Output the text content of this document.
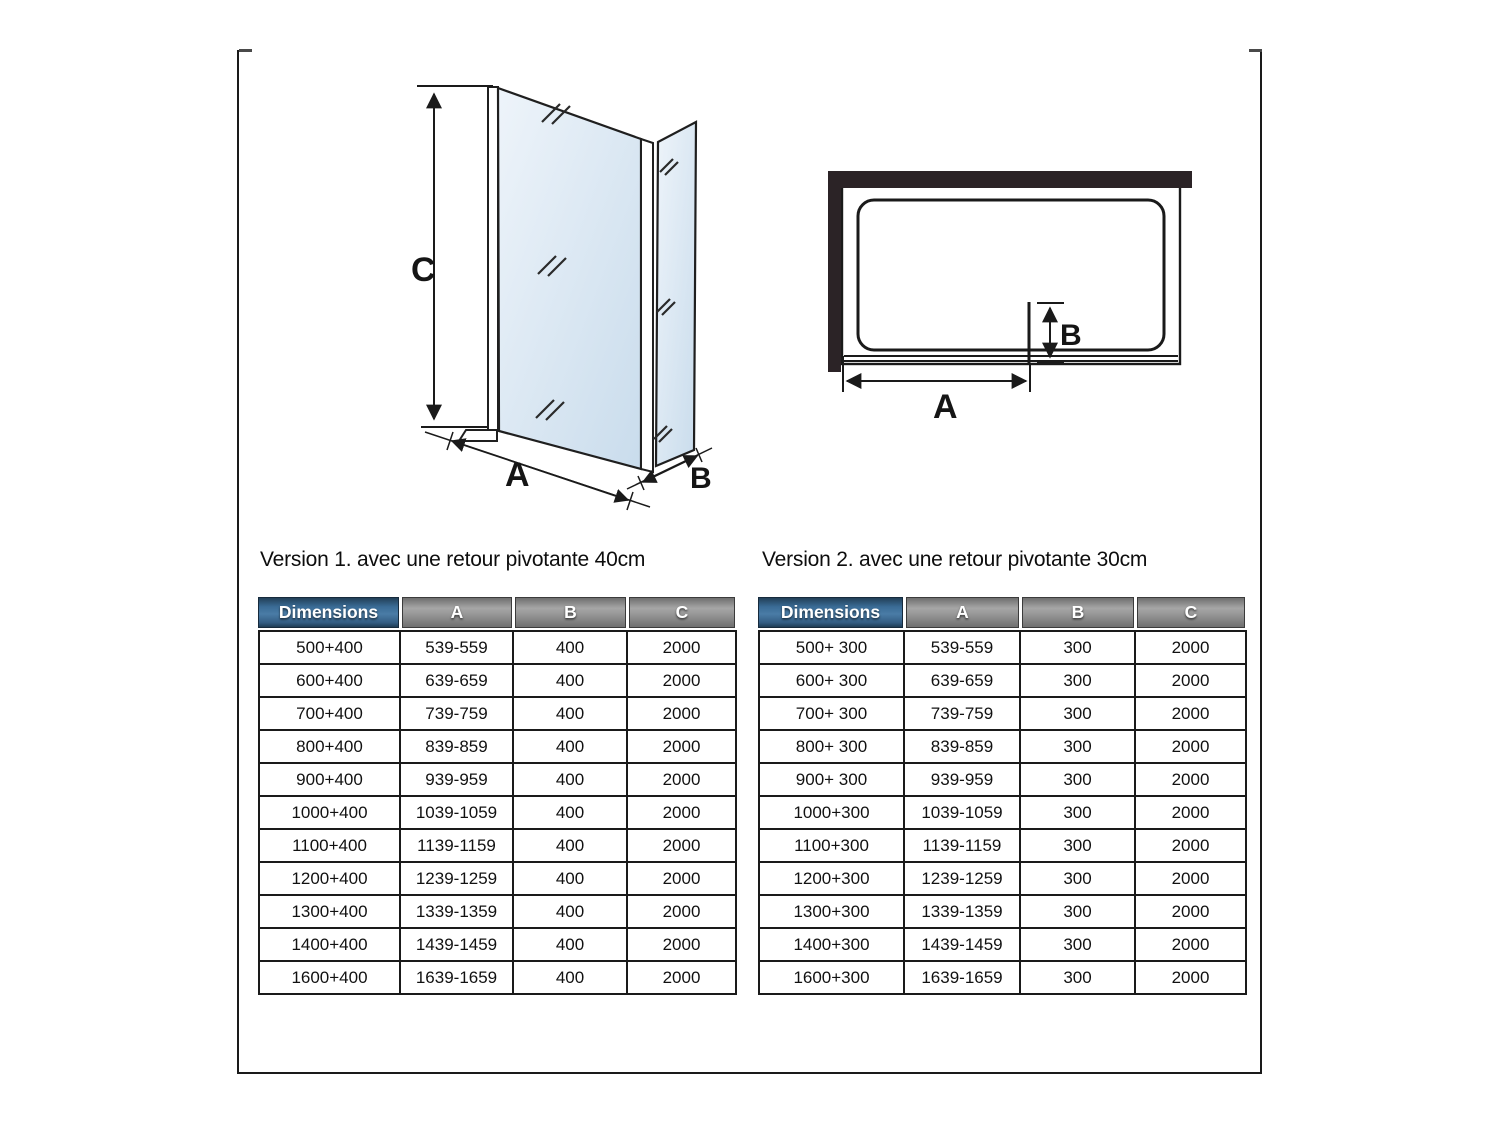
C
A	B
B
A
Version 1. avec une retour pivotante 40cm
Dimensions	A	B	C
500+400	539-559	400	2000
600+400	639-659	400	2000
700+400	739-759	400	2000
800+400	839-859	400	2000
900+400	939-959	400	2000
1000+400	1039-1059	400	2000
1100+400	1139-1159	400	2000
1200+400	1239-1259	400	2000
1300+400	1339-1359	400	2000
1400+400	1439-1459	400	2000
1600+400	1639-1659	400	2000
Version 2. avec une retour pivotante 30cm
Dimensions	A	B	C
500+ 300	539-559	300	2000
600+ 300	639-659	300	2000
700+ 300	739-759	300	2000
800+ 300	839-859	300	2000
900+ 300	939-959	300	2000
1000+300	1039-1059	300	2000
1100+300	1139-1159	300	2000
1200+300	1239-1259	300	2000
1300+300	1339-1359	300	2000
1400+300	1439-1459	300	2000
1600+300	1639-1659	300	2000
